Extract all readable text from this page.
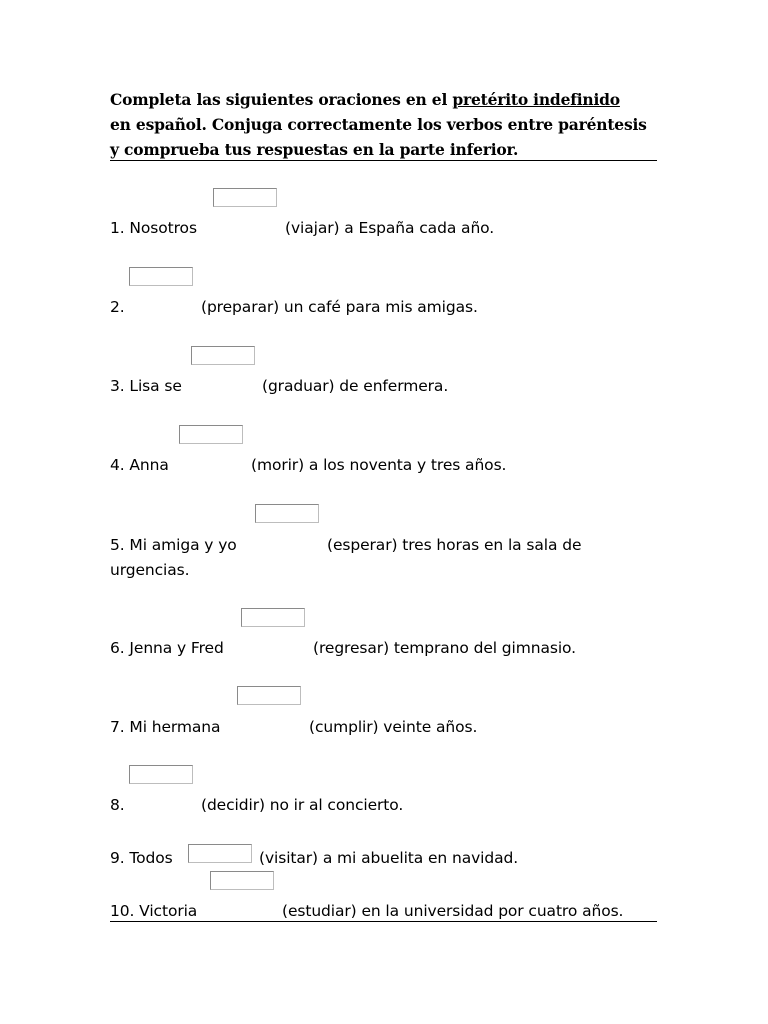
Completa las siguientes oraciones en el pretérito indefinido
en español. Conjuga correctamente los verbos entre paréntesis
y comprueba tus respuestas en la parte inferior.
1. Nosotros	(viajar) a España cada año.
2.	(preparar) un café para mis amigas.
3. Lisa se	(graduar) de enfermera.
4. Anna	(morir) a los noventa y tres años.
5. Mi amiga y yo	(esperar) tres horas en la sala de
urgencias.
6. Jenna y Fred	(regresar) temprano del gimnasio.
7. Mi hermana	(cumplir) veinte años.
8.	(decidir) no ir al concierto.
9. Todos	(visitar) a mi abuelita en navidad.
10. Victoria	(estudiar) en la universidad por cuatro años.
